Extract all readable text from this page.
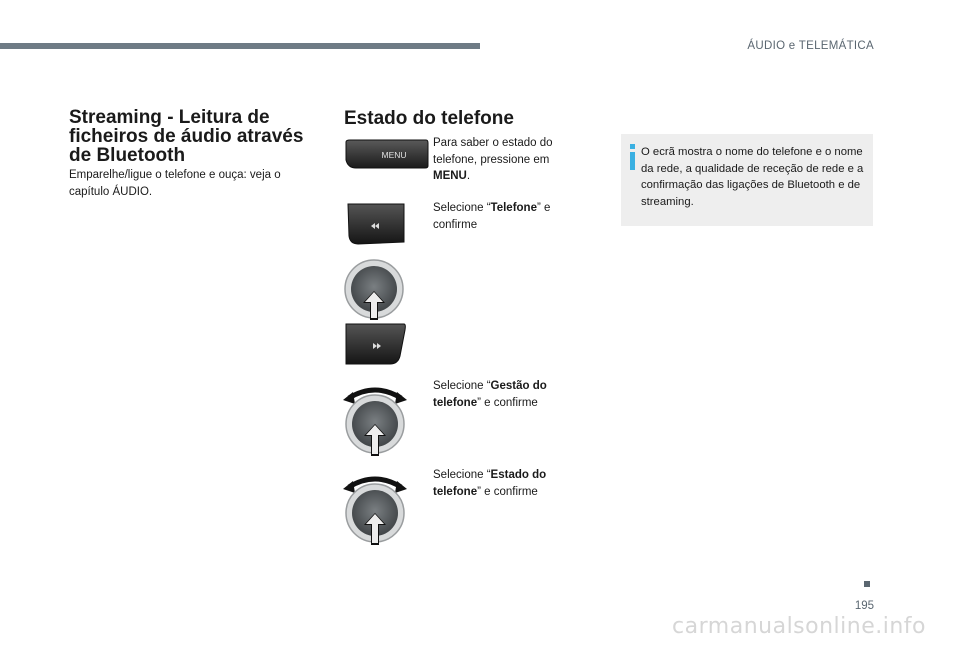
ÁUDIO e TELEMÁTICA
Streaming - Leitura de ficheiros de áudio através de Bluetooth
Emparelhe/ligue o telefone e ouça: veja o capítulo ÁUDIO.
Estado do telefone
MENU
Para saber o estado do telefone, pressione em MENU.
Selecione “Telefone” e confirme
Selecione “Gestão do telefone” e confirme
Selecione “Estado do telefone” e confirme
O ecrã mostra o nome do telefone e o nome da rede, a qualidade de receção de rede e a confirmação das ligações de Bluetooth e de streaming.
195
carmanualsonline.info
